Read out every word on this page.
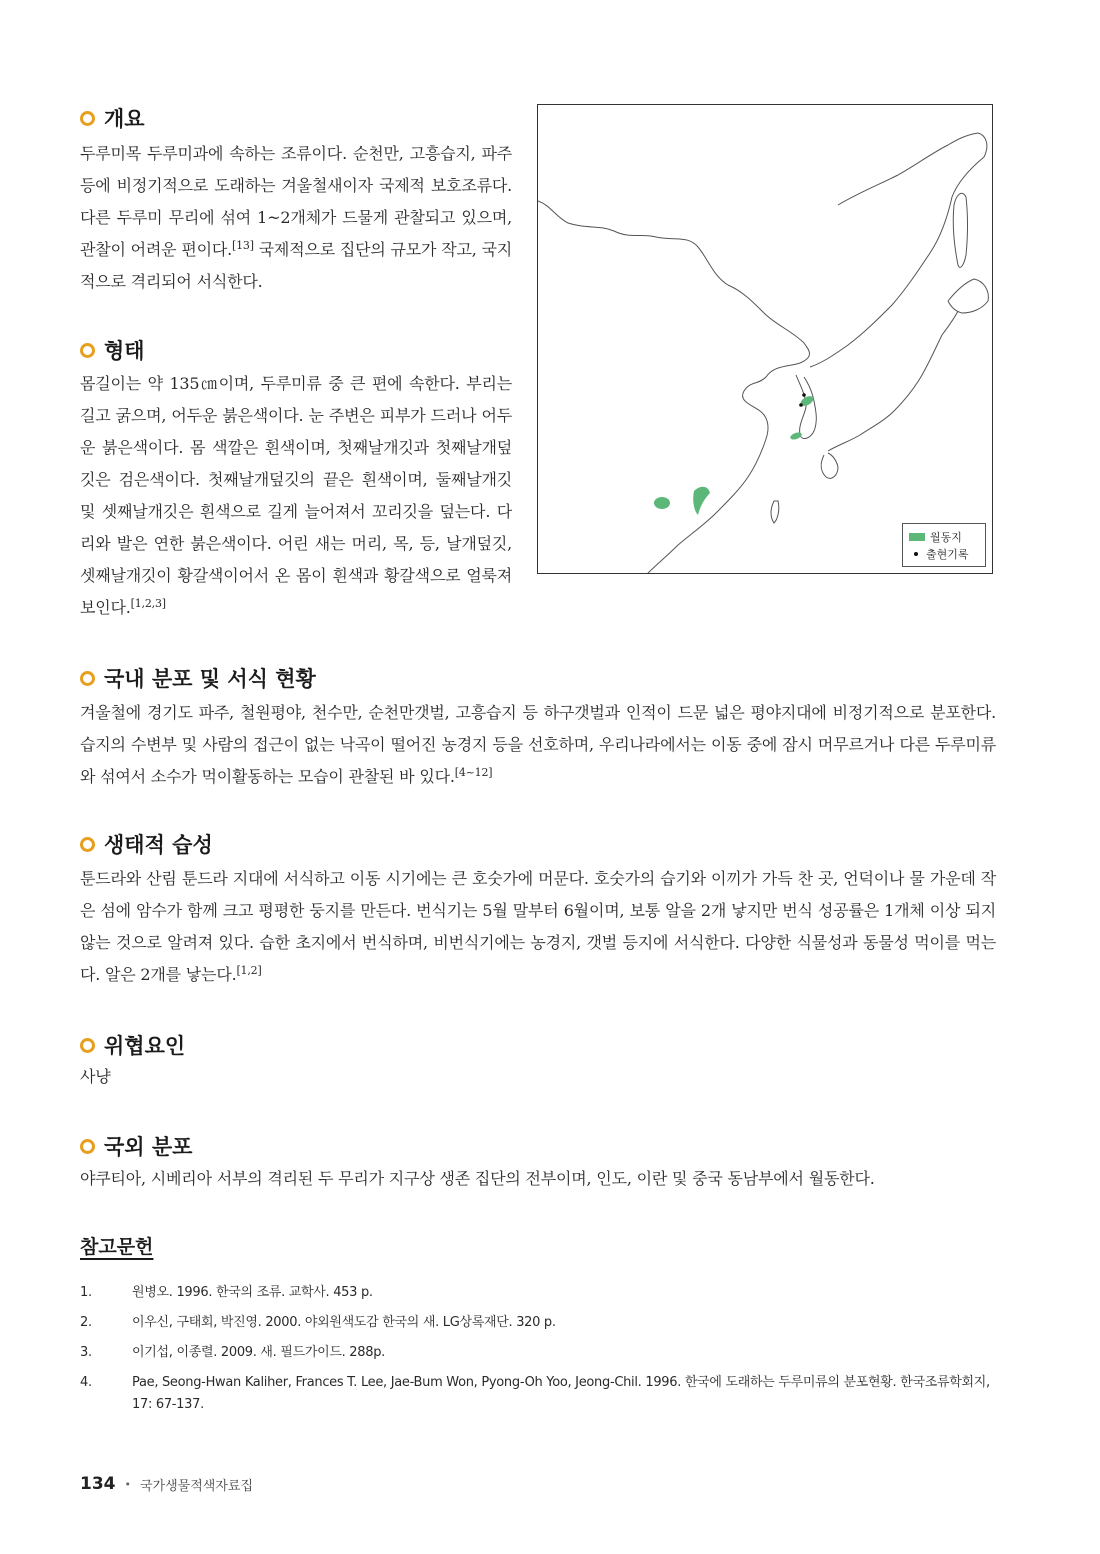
개요

두루미목 두루미과에 속하는 조류이다. 순천만, 고흥습지, 파주 등에 비정기적으로 도래하는 겨울철새이자 국제적 보호조류다. 다른 두루미 무리에 섞여 1~2개체가 드물게 관찰되고 있으며, 관찰이 어려운 편이다.[13] 국제적으로 집단의 규모가 작고, 국지적으로 격리되어 서식한다.

형태

몸길이는 약 135㎝이며, 두루미류 중 큰 편에 속한다. 부리는 길고 굵으며, 어두운 붉은색이다. 눈 주변은 피부가 드러나 어두운 붉은색이다. 몸 색깔은 흰색이며, 첫째날개깃과 첫째날개덮깃은 검은색이다. 첫째날개덮깃의 끝은 흰색이며, 둘째날개깃 및 셋째날개깃은 흰색으로 길게 늘어져서 꼬리깃을 덮는다. 다리와 발은 연한 붉은색이다. 어린 새는 머리, 목, 등, 날개덮깃, 셋째날개깃이 황갈색이어서 온 몸이 흰색과 황갈색으로 얼룩져 보인다.[1,2,3]

월동지
출현기록
국내 분포 및 서식 현황

겨울철에 경기도 파주, 철원평야, 천수만, 순천만갯벌, 고흥습지 등 하구갯벌과 인적이 드문 넓은 평야지대에 비정기적으로 분포한다. 습지의 수변부 및 사람의 접근이 없는 낙곡이 떨어진 농경지 등을 선호하며, 우리나라에서는 이동 중에 잠시 머무르거나 다른 두루미류와 섞여서 소수가 먹이활동하는 모습이 관찰된 바 있다.[4~12]

생태적 습성

툰드라와 산림 툰드라 지대에 서식하고 이동 시기에는 큰 호숫가에 머문다. 호숫가의 습기와 이끼가 가득 찬 곳, 언덕이나 물 가운데 작은 섬에 암수가 함께 크고 평평한 둥지를 만든다. 번식기는 5월 말부터 6월이며, 보통 알을 2개 낳지만 번식 성공률은 1개체 이상 되지 않는 것으로 알려져 있다. 습한 초지에서 번식하며, 비번식기에는 농경지, 갯벌 등지에 서식한다. 다양한 식물성과 동물성 먹이를 먹는다. 알은 2개를 낳는다.[1,2]

위협요인

사냥

국외 분포

야쿠티아, 시베리아 서부의 격리된 두 무리가 지구상 생존 집단의 전부이며, 인도, 이란 및 중국 동남부에서 월동한다.

참고문헌
1.	원병오. 1996. 한국의 조류. 교학사. 453 p.
2.	이우신, 구태회, 박진영. 2000. 야외원색도감 한국의 새. LG상록재단. 320 p.
3.	이기섭, 이종렬. 2009. 새. 필드가이드. 288p.
4.	Pae, Seong-Hwan Kaliher, Frances T. Lee, Jae-Bum Won, Pyong-Oh Yoo, Jeong-Chil. 1996. 한국에 도래하는 두루미류의 분포현황. 한국조류학회지, 17: 67-137.
134 • 국가생물적색자료집
